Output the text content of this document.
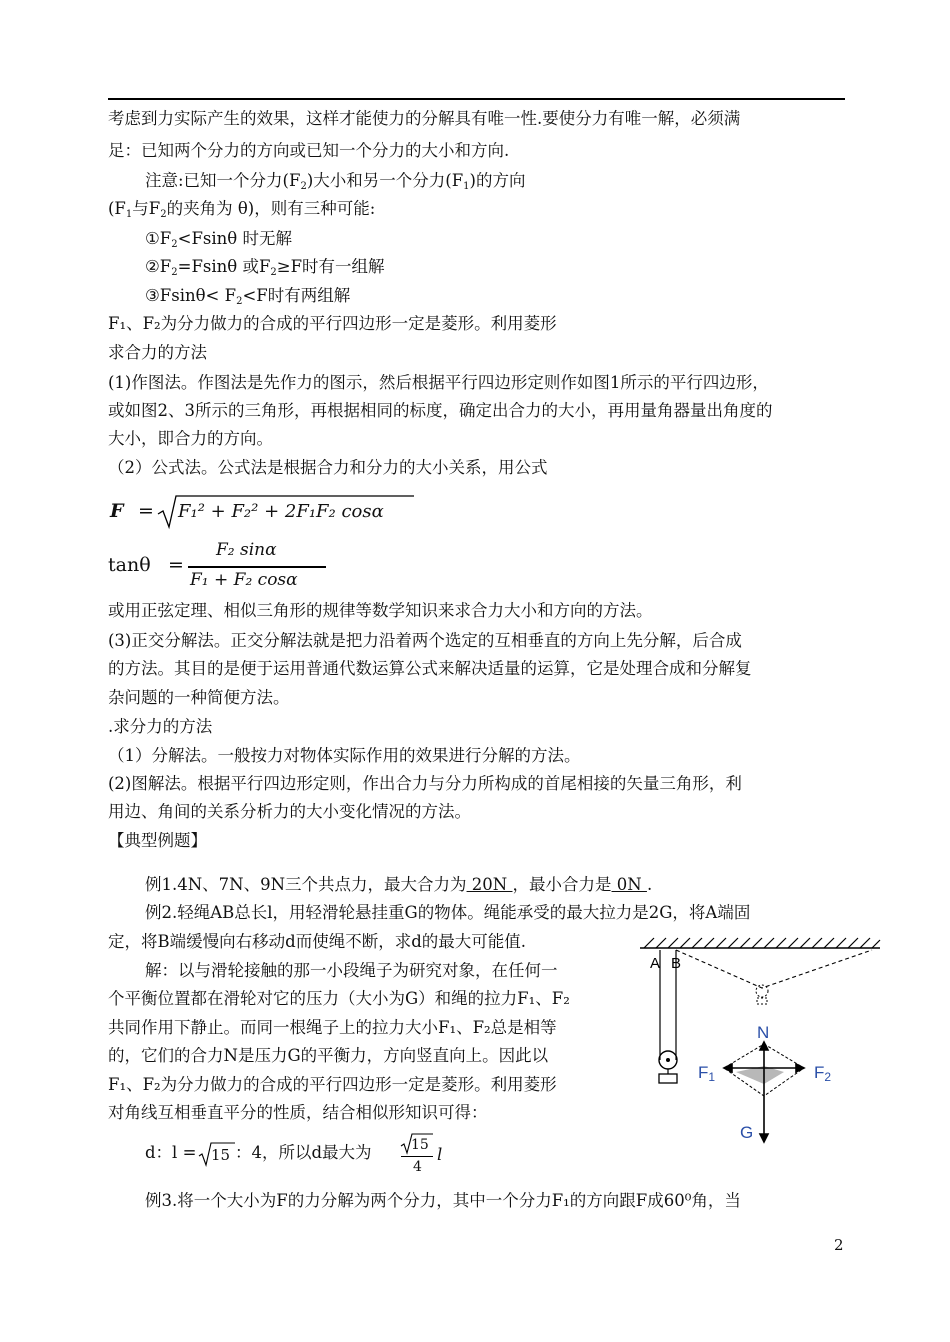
考虑到力实际产生的效果，这样才能使力的分解具有唯一性.要使分力有唯一解，必须满
足：已知两个分力的方向或已知一个分力的大小和方向.
注意:已知一个分力$(F_2)$大小和另一个分力$(F_1)$的方向
($F_1$与$F_2$的夹角为 θ)，则有三种可能:
$①F_2<Fsin\theta$ 时无解
$②F_2=Fsin\theta$ 或$F_2\ge F$时有一组解
③Fsinθ< $F_2<F$时有两组解
F₁、F₂为分力做力的合成的平行四边形一定是菱形。利用菱形
求合力的方法
(1)作图法。作图法是先作力的图示，然后根据平行四边形定则作如图1所示的平行四边形，
或如图2、3所示的三角形，再根据相同的标度，确定出合力的大小，再用量角器量出角度的
大小，即合力的方向。
（2）公式法。公式法是根据合力和分力的大小关系，用公式
F = F₁² + F₂² + 2F₁F₂ cosα
tanθ =
F₂ sinα
F₁ + F₂ cosα
或用正弦定理、相似三角形的规律等数学知识来求合力大小和方向的方法。
(3)正交分解法。正交分解法就是把力沿着两个选定的互相垂直的方向上先分解，后合成
的方法。其目的是便于运用普通代数运算公式来解决适量的运算，它是处理合成和分解复
杂问题的一种简便方法。
.求分力的方法
（1）分解法。一般按力对物体实际作用的效果进行分解的方法。
(2)图解法。根据平行四边形定则，作出合力与分力所构成的首尾相接的矢量三角形，利
用边、角间的关系分析力的大小变化情况的方法。
【典型例题】
例1.4N、7N、9N三个共点力，最大合力为 20N ，最小合力是 0N .
例2.轻绳AB总长l，用轻滑轮悬挂重G的物体。绳能承受的最大拉力是2G，将A端固
定，将B端缓慢向右移动d而使绳不断，求d的最大可能值.
解：以与滑轮接触的那一小段绳子为研究对象，在任何一
个平衡位置都在滑轮对它的压力（大小为G）和绳的拉力F₁、F₂
共同作用下静止。而同一根绳子上的拉力大小F₁、F₂总是相等
的，它们的合力N是压力G的平衡力，方向竖直向上。因此以
F₁、F₂为分力做力的合成的平行四边形一定是菱形。利用菱形
对角线互相垂直平分的性质，结合相似形知识可得：
d：l = 15 ：4，所以d最大为	15
4
l
例3.将一个大小为F的力分解为两个分力，其中一个分力F₁的方向跟F成60⁰角，当
A B
N
F1	F2
G
2
